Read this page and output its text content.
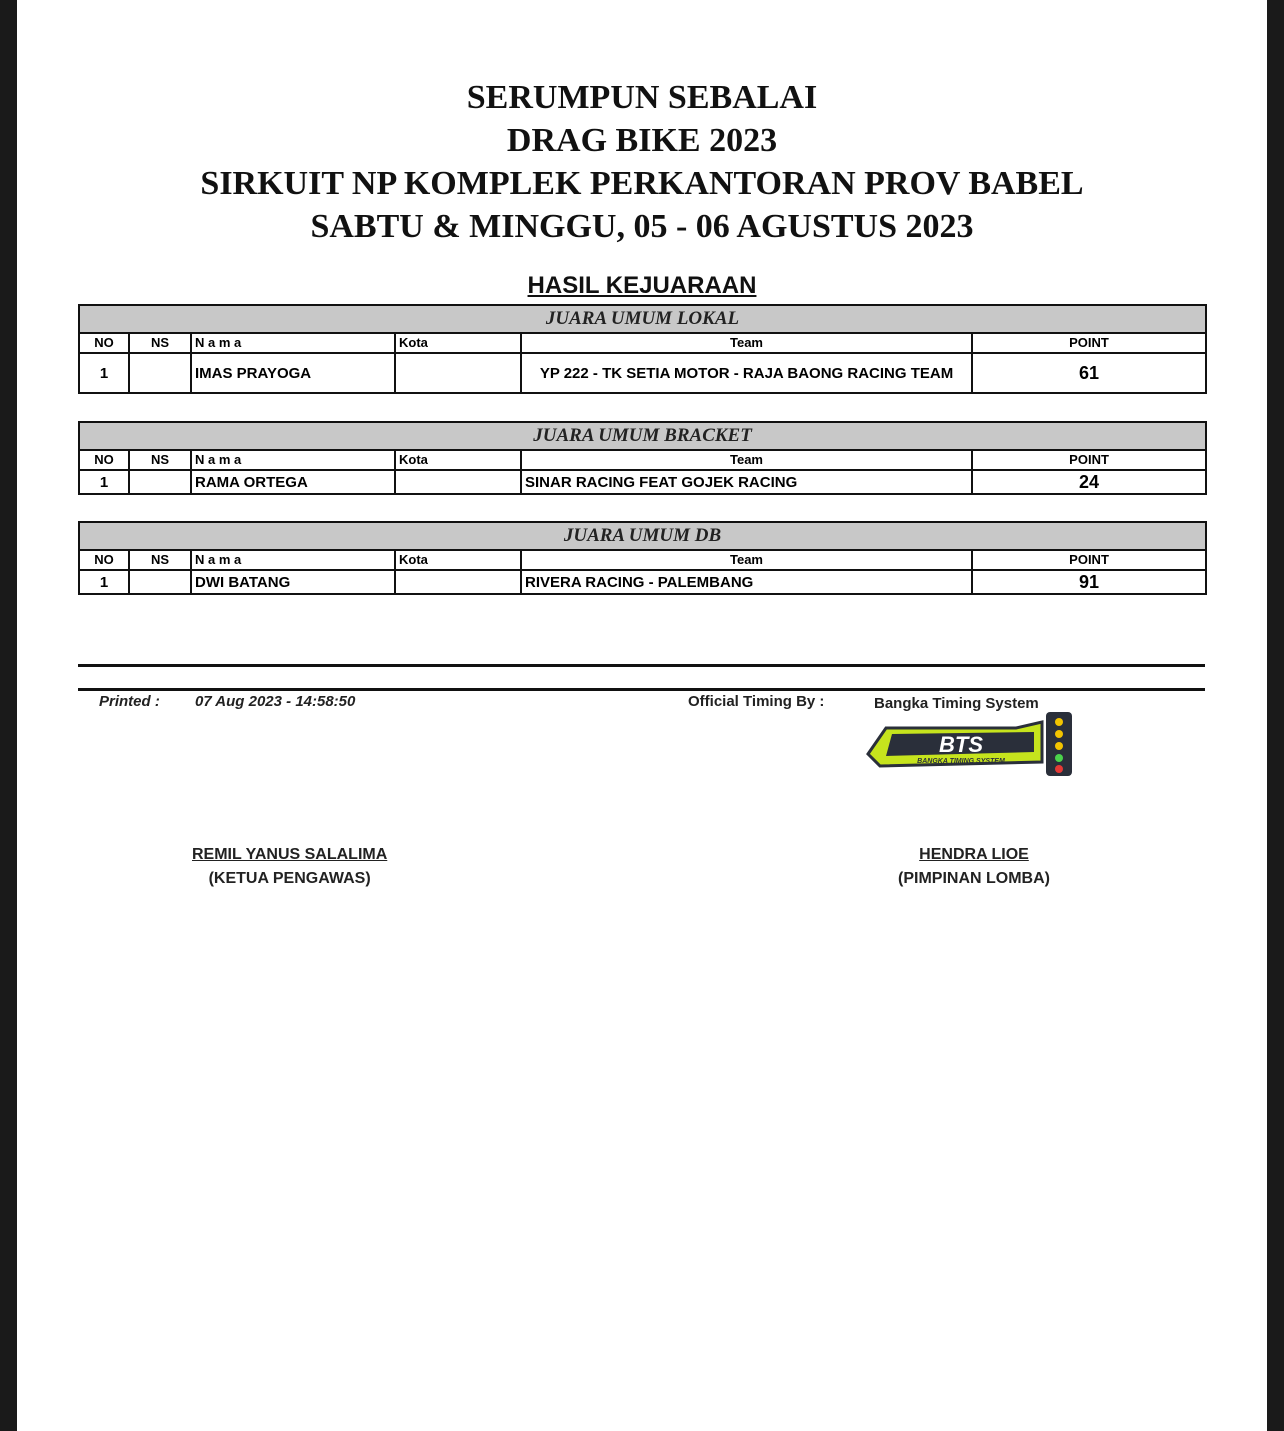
SERUMPUN SEBALAI
DRAG BIKE 2023
SIRKUIT NP KOMPLEK PERKANTORAN PROV BABEL
SABTU & MINGGU, 05 - 06 AGUSTUS 2023
HASIL KEJUARAAN
JUARA UMUM LOKAL					
NO	NS	N a m a	Kota	Team	POINT
1		IMAS PRAYOGA		YP 222 - TK SETIA MOTOR - RAJA BAONG RACING TEAM	61
JUARA UMUM BRACKET					
NO	NS	N a m a	Kota	Team	POINT
1		RAMA ORTEGA		SINAR RACING FEAT GOJEK RACING	24
JUARA UMUM DB					
NO	NS	N a m a	Kota	Team	POINT
1		DWI BATANG		RIVERA RACING - PALEMBANG	91
Printed : 07 Aug 2023 - 14:58:50	Official Timing By :	Bangka Timing System
BTS
BANGKA TIMING SYSTEM
REMIL YANUS SALALIMA
(KETUA PENGAWAS)
HENDRA LIOE
(PIMPINAN LOMBA)
